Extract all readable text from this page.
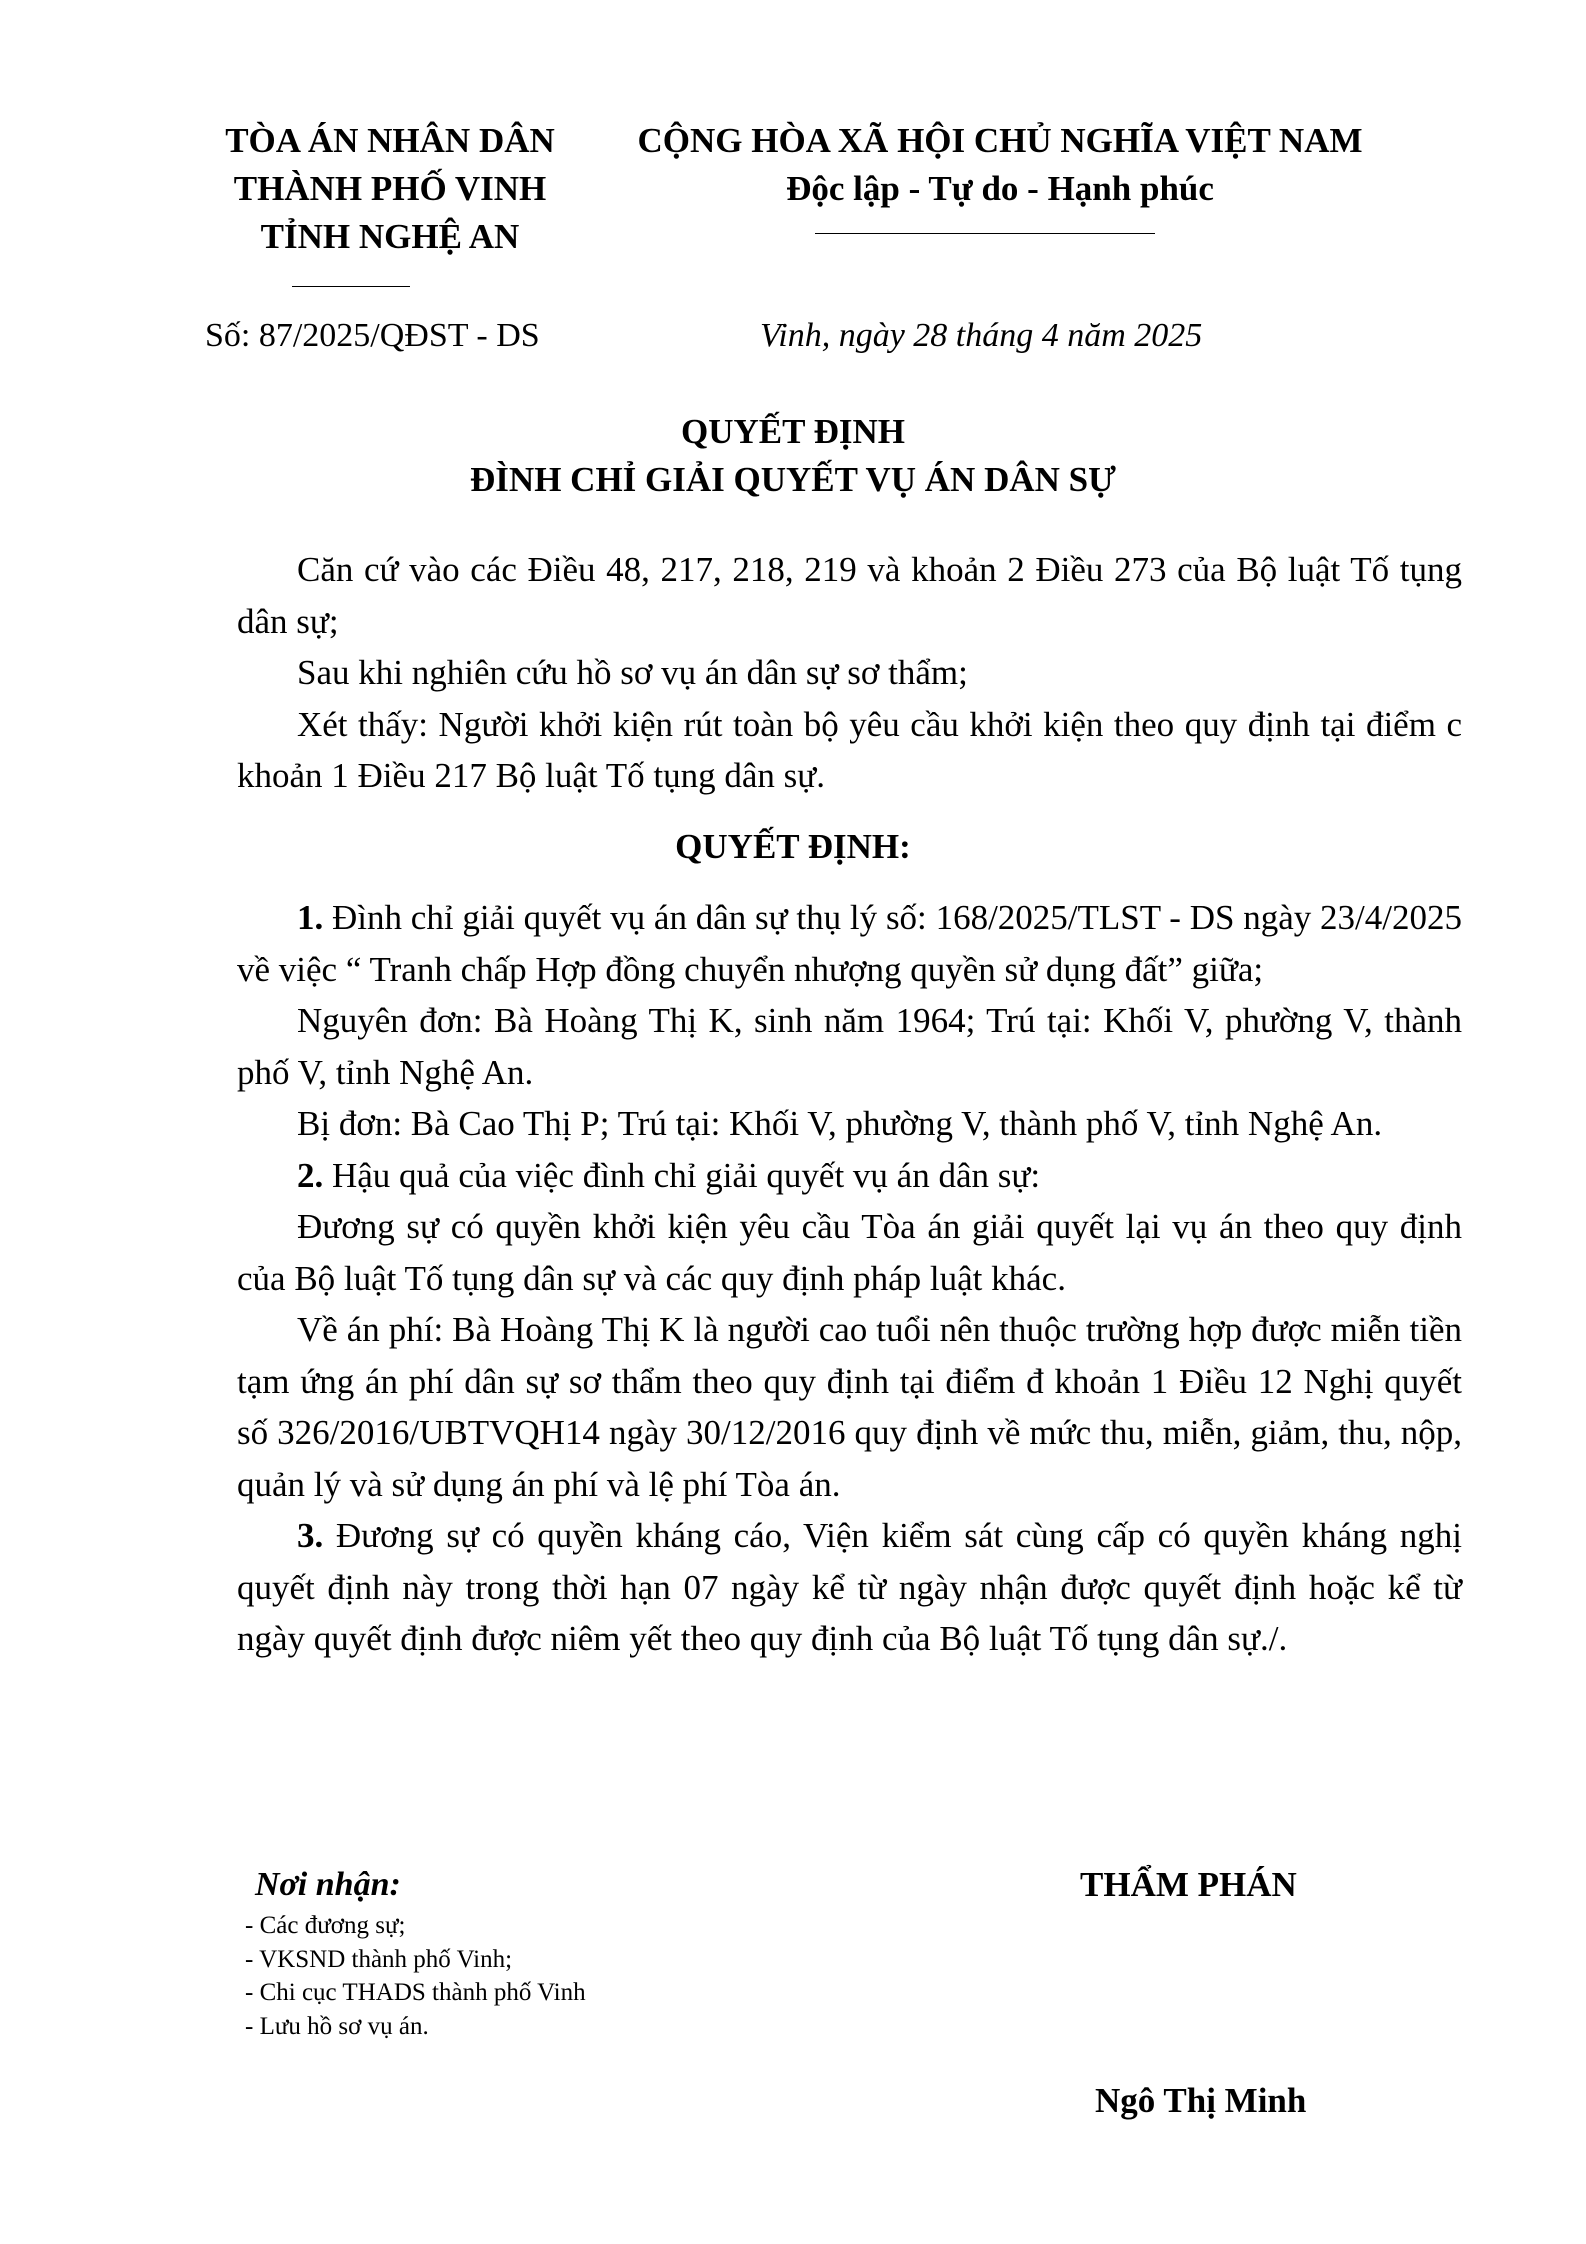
TÒA ÁN NHÂN DÂN
THÀNH PHỐ VINH
TỈNH NGHỆ AN
Số: 87/2025/QĐST - DS
CỘNG HÒA XÃ HỘI CHỦ NGHĨA VIỆT NAM
Độc lập - Tự do - Hạnh phúc
Vinh, ngày 28 tháng 4 năm 2025
QUYẾT ĐỊNH
ĐÌNH CHỈ GIẢI QUYẾT VỤ ÁN DÂN SỰ

Căn cứ vào các Điều 48, 217, 218, 219 và khoản 2 Điều 273 của Bộ luật Tố tụng dân sự;

Sau khi nghiên cứu hồ sơ vụ án dân sự sơ thẩm;

Xét thấy: Người khởi kiện rút toàn bộ yêu cầu khởi kiện theo quy định tại điểm c khoản 1 Điều 217 Bộ luật Tố tụng dân sự.

QUYẾT ĐỊNH:

1. Đình chỉ giải quyết vụ án dân sự thụ lý số: 168/2025/TLST - DS ngày 23/4/2025 về việc “ Tranh chấp Hợp đồng chuyển nhượng quyền sử dụng đất” giữa;

Nguyên đơn: Bà Hoàng Thị K, sinh năm 1964; Trú tại: Khối V, phường V, thành phố V, tỉnh Nghệ An.

Bị đơn: Bà Cao Thị P; Trú tại: Khối V, phường V, thành phố V, tỉnh Nghệ An.

2. Hậu quả của việc đình chỉ giải quyết vụ án dân sự:

Đương sự có quyền khởi kiện yêu cầu Tòa án giải quyết lại vụ án theo quy định của Bộ luật Tố tụng dân sự và các quy định pháp luật khác.

Về án phí: Bà Hoàng Thị K là người cao tuổi nên thuộc trường hợp được miễn tiền tạm ứng án phí dân sự sơ thẩm theo quy định tại điểm đ khoản 1 Điều 12 Nghị quyết số 326/2016/UBTVQH14 ngày 30/12/2016 quy định về mức thu, miễn, giảm, thu, nộp, quản lý và sử dụng án phí và lệ phí Tòa án.

3. Đương sự có quyền kháng cáo, Viện kiểm sát cùng cấp có quyền kháng nghị quyết định này trong thời hạn 07 ngày kể từ ngày nhận được quyết định hoặc kể từ ngày quyết định được niêm yết theo quy định của Bộ luật Tố tụng dân sự./.

Nơi nhận:
- Các đương sự;
- VKSND thành phố Vinh;
- Chi cục THADS thành phố Vinh
- Lưu hồ sơ vụ án.
THẨM PHÁN
Ngô Thị Minh
